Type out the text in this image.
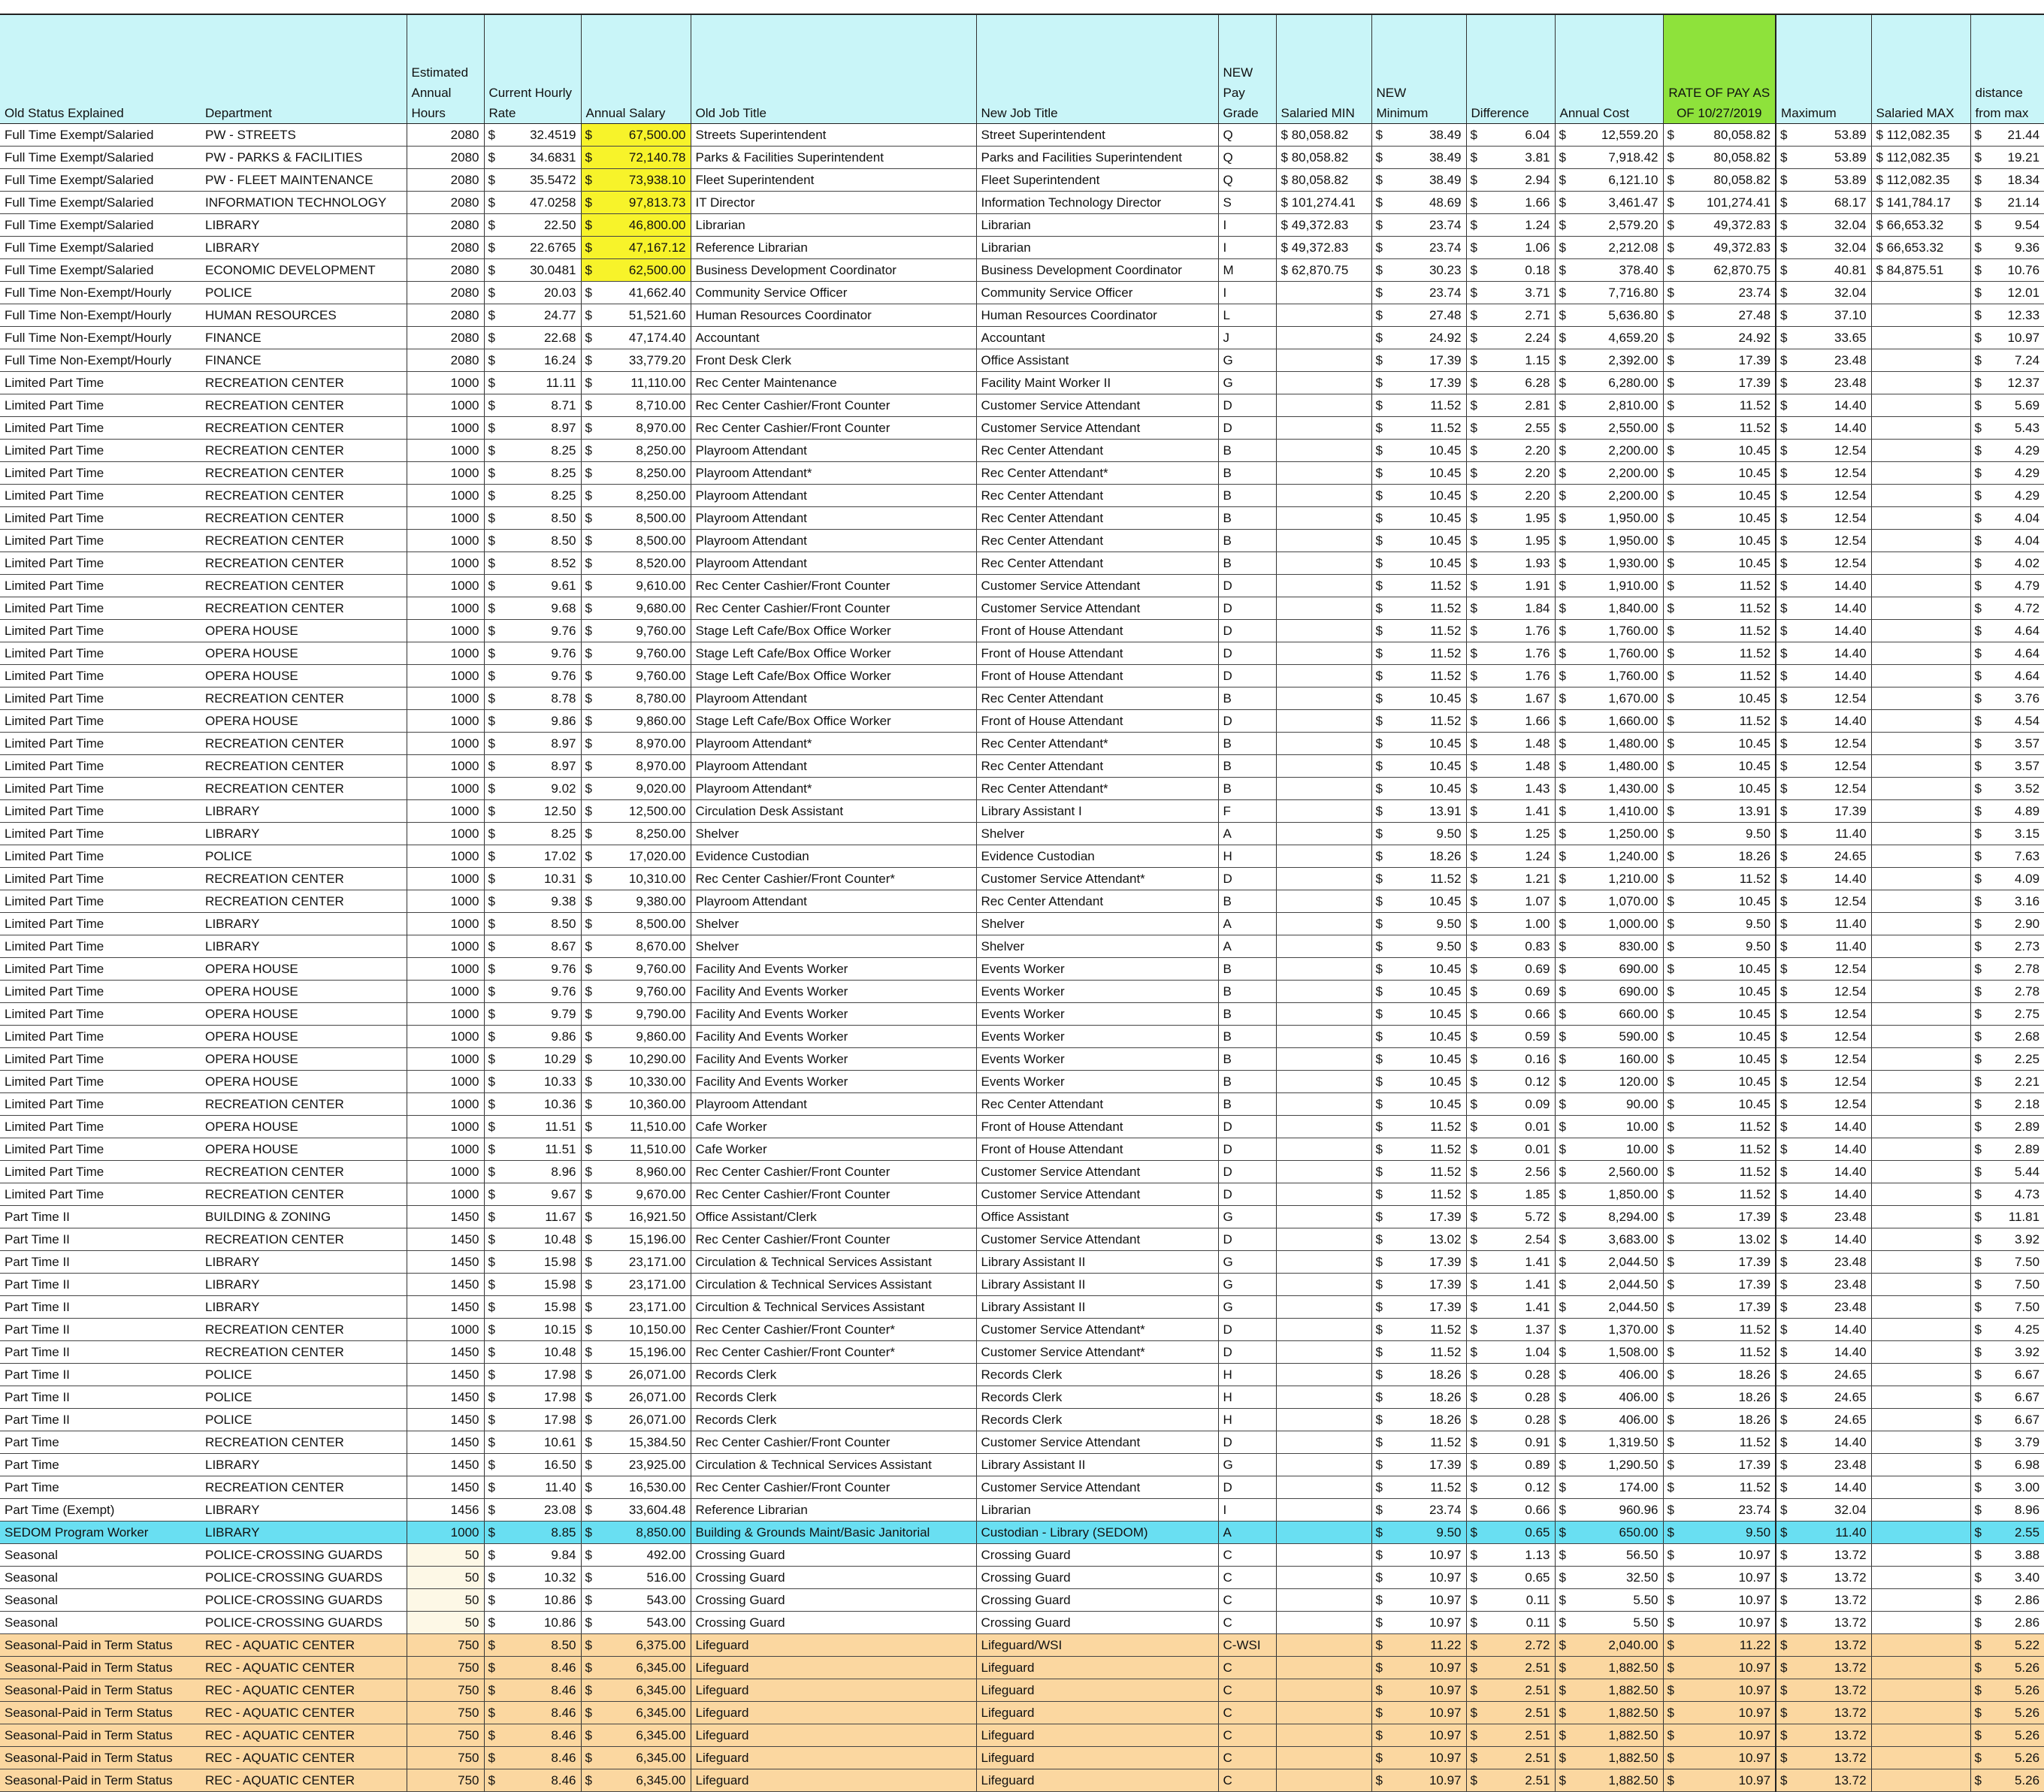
Old Status Explained	Department	Estimated Annual Hours	Current Hourly Rate		Annual Salary		Old Job Title	New Job Title	NEW Pay Grade	Salaried MIN	NEW Minimum		Difference		Annual Cost		RATE OF PAY AS OF 10/27/2019		Maximum		Salaried MAX	distance from max	
Full Time Exempt/Salaried	PW - STREETS	2080	$	32.4519	$	67,500.00	Streets Superintendent	Street Superintendent	Q	$ 80,058.82	$	38.49	$	6.04	$	12,559.20	$	80,058.82	$	53.89	$ 112,082.35	$	21.44
Full Time Exempt/Salaried	PW - PARKS & FACILITIES	2080	$	34.6831	$	72,140.78	Parks & Facilities Superintendent	Parks and Facilities Superintendent	Q	$ 80,058.82	$	38.49	$	3.81	$	7,918.42	$	80,058.82	$	53.89	$ 112,082.35	$	19.21
Full Time Exempt/Salaried	PW - FLEET MAINTENANCE	2080	$	35.5472	$	73,938.10	Fleet Superintendent	Fleet Superintendent	Q	$ 80,058.82	$	38.49	$	2.94	$	6,121.10	$	80,058.82	$	53.89	$ 112,082.35	$	18.34
Full Time Exempt/Salaried	INFORMATION TECHNOLOGY	2080	$	47.0258	$	97,813.73	IT Director	Information Technology Director	S	$ 101,274.41	$	48.69	$	1.66	$	3,461.47	$	101,274.41	$	68.17	$ 141,784.17	$	21.14
Full Time Exempt/Salaried	LIBRARY	2080	$	22.50	$	46,800.00	Librarian	Librarian	I	$ 49,372.83	$	23.74	$	1.24	$	2,579.20	$	49,372.83	$	32.04	$ 66,653.32	$	9.54
Full Time Exempt/Salaried	LIBRARY	2080	$	22.6765	$	47,167.12	Reference Librarian	Librarian	I	$ 49,372.83	$	23.74	$	1.06	$	2,212.08	$	49,372.83	$	32.04	$ 66,653.32	$	9.36
Full Time Exempt/Salaried	ECONOMIC DEVELOPMENT	2080	$	30.0481	$	62,500.00	Business Development Coordinator	Business Development Coordinator	M	$ 62,870.75	$	30.23	$	0.18	$	378.40	$	62,870.75	$	40.81	$ 84,875.51	$	10.76
Full Time Non-Exempt/Hourly	POLICE	2080	$	20.03	$	41,662.40	Community Service Officer	Community Service Officer	I		$	23.74	$	3.71	$	7,716.80	$	23.74	$	32.04		$	12.01
Full Time Non-Exempt/Hourly	HUMAN RESOURCES	2080	$	24.77	$	51,521.60	Human Resources Coordinator	Human Resources Coordinator	L		$	27.48	$	2.71	$	5,636.80	$	27.48	$	37.10		$	12.33
Full Time Non-Exempt/Hourly	FINANCE	2080	$	22.68	$	47,174.40	Accountant	Accountant	J		$	24.92	$	2.24	$	4,659.20	$	24.92	$	33.65		$	10.97
Full Time Non-Exempt/Hourly	FINANCE	2080	$	16.24	$	33,779.20	Front Desk Clerk	Office Assistant	G		$	17.39	$	1.15	$	2,392.00	$	17.39	$	23.48		$	7.24
Limited Part Time	RECREATION CENTER	1000	$	11.11	$	11,110.00	Rec Center Maintenance	Facility Maint Worker II	G		$	17.39	$	6.28	$	6,280.00	$	17.39	$	23.48		$	12.37
Limited Part Time	RECREATION CENTER	1000	$	8.71	$	8,710.00	Rec Center Cashier/Front Counter	Customer Service Attendant	D		$	11.52	$	2.81	$	2,810.00	$	11.52	$	14.40		$	5.69
Limited Part Time	RECREATION CENTER	1000	$	8.97	$	8,970.00	Rec Center Cashier/Front Counter	Customer Service Attendant	D		$	11.52	$	2.55	$	2,550.00	$	11.52	$	14.40		$	5.43
Limited Part Time	RECREATION CENTER	1000	$	8.25	$	8,250.00	Playroom Attendant	Rec Center Attendant	B		$	10.45	$	2.20	$	2,200.00	$	10.45	$	12.54		$	4.29
Limited Part Time	RECREATION CENTER	1000	$	8.25	$	8,250.00	Playroom Attendant*	Rec Center Attendant*	B		$	10.45	$	2.20	$	2,200.00	$	10.45	$	12.54		$	4.29
Limited Part Time	RECREATION CENTER	1000	$	8.25	$	8,250.00	Playroom Attendant	Rec Center Attendant	B		$	10.45	$	2.20	$	2,200.00	$	10.45	$	12.54		$	4.29
Limited Part Time	RECREATION CENTER	1000	$	8.50	$	8,500.00	Playroom Attendant	Rec Center Attendant	B		$	10.45	$	1.95	$	1,950.00	$	10.45	$	12.54		$	4.04
Limited Part Time	RECREATION CENTER	1000	$	8.50	$	8,500.00	Playroom Attendant	Rec Center Attendant	B		$	10.45	$	1.95	$	1,950.00	$	10.45	$	12.54		$	4.04
Limited Part Time	RECREATION CENTER	1000	$	8.52	$	8,520.00	Playroom Attendant	Rec Center Attendant	B		$	10.45	$	1.93	$	1,930.00	$	10.45	$	12.54		$	4.02
Limited Part Time	RECREATION CENTER	1000	$	9.61	$	9,610.00	Rec Center Cashier/Front Counter	Customer Service Attendant	D		$	11.52	$	1.91	$	1,910.00	$	11.52	$	14.40		$	4.79
Limited Part Time	RECREATION CENTER	1000	$	9.68	$	9,680.00	Rec Center Cashier/Front Counter	Customer Service Attendant	D		$	11.52	$	1.84	$	1,840.00	$	11.52	$	14.40		$	4.72
Limited Part Time	OPERA HOUSE	1000	$	9.76	$	9,760.00	Stage Left Cafe/Box Office Worker	Front of House Attendant	D		$	11.52	$	1.76	$	1,760.00	$	11.52	$	14.40		$	4.64
Limited Part Time	OPERA HOUSE	1000	$	9.76	$	9,760.00	Stage Left Cafe/Box Office Worker	Front of House Attendant	D		$	11.52	$	1.76	$	1,760.00	$	11.52	$	14.40		$	4.64
Limited Part Time	OPERA HOUSE	1000	$	9.76	$	9,760.00	Stage Left Cafe/Box Office Worker	Front of House Attendant	D		$	11.52	$	1.76	$	1,760.00	$	11.52	$	14.40		$	4.64
Limited Part Time	RECREATION CENTER	1000	$	8.78	$	8,780.00	Playroom Attendant	Rec Center Attendant	B		$	10.45	$	1.67	$	1,670.00	$	10.45	$	12.54		$	3.76
Limited Part Time	OPERA HOUSE	1000	$	9.86	$	9,860.00	Stage Left Cafe/Box Office Worker	Front of House Attendant	D		$	11.52	$	1.66	$	1,660.00	$	11.52	$	14.40		$	4.54
Limited Part Time	RECREATION CENTER	1000	$	8.97	$	8,970.00	Playroom Attendant*	Rec Center Attendant*	B		$	10.45	$	1.48	$	1,480.00	$	10.45	$	12.54		$	3.57
Limited Part Time	RECREATION CENTER	1000	$	8.97	$	8,970.00	Playroom Attendant	Rec Center Attendant	B		$	10.45	$	1.48	$	1,480.00	$	10.45	$	12.54		$	3.57
Limited Part Time	RECREATION CENTER	1000	$	9.02	$	9,020.00	Playroom Attendant*	Rec Center Attendant*	B		$	10.45	$	1.43	$	1,430.00	$	10.45	$	12.54		$	3.52
Limited Part Time	LIBRARY	1000	$	12.50	$	12,500.00	Circulation Desk Assistant	Library Assistant I	F		$	13.91	$	1.41	$	1,410.00	$	13.91	$	17.39		$	4.89
Limited Part Time	LIBRARY	1000	$	8.25	$	8,250.00	Shelver	Shelver	A		$	9.50	$	1.25	$	1,250.00	$	9.50	$	11.40		$	3.15
Limited Part Time	POLICE	1000	$	17.02	$	17,020.00	Evidence Custodian	Evidence Custodian	H		$	18.26	$	1.24	$	1,240.00	$	18.26	$	24.65		$	7.63
Limited Part Time	RECREATION CENTER	1000	$	10.31	$	10,310.00	Rec Center Cashier/Front Counter*	Customer Service Attendant*	D		$	11.52	$	1.21	$	1,210.00	$	11.52	$	14.40		$	4.09
Limited Part Time	RECREATION CENTER	1000	$	9.38	$	9,380.00	Playroom Attendant	Rec Center Attendant	B		$	10.45	$	1.07	$	1,070.00	$	10.45	$	12.54		$	3.16
Limited Part Time	LIBRARY	1000	$	8.50	$	8,500.00	Shelver	Shelver	A		$	9.50	$	1.00	$	1,000.00	$	9.50	$	11.40		$	2.90
Limited Part Time	LIBRARY	1000	$	8.67	$	8,670.00	Shelver	Shelver	A		$	9.50	$	0.83	$	830.00	$	9.50	$	11.40		$	2.73
Limited Part Time	OPERA HOUSE	1000	$	9.76	$	9,760.00	Facility And Events Worker	Events Worker	B		$	10.45	$	0.69	$	690.00	$	10.45	$	12.54		$	2.78
Limited Part Time	OPERA HOUSE	1000	$	9.76	$	9,760.00	Facility And Events Worker	Events Worker	B		$	10.45	$	0.69	$	690.00	$	10.45	$	12.54		$	2.78
Limited Part Time	OPERA HOUSE	1000	$	9.79	$	9,790.00	Facility And Events Worker	Events Worker	B		$	10.45	$	0.66	$	660.00	$	10.45	$	12.54		$	2.75
Limited Part Time	OPERA HOUSE	1000	$	9.86	$	9,860.00	Facility And Events Worker	Events Worker	B		$	10.45	$	0.59	$	590.00	$	10.45	$	12.54		$	2.68
Limited Part Time	OPERA HOUSE	1000	$	10.29	$	10,290.00	Facility And Events Worker	Events Worker	B		$	10.45	$	0.16	$	160.00	$	10.45	$	12.54		$	2.25
Limited Part Time	OPERA HOUSE	1000	$	10.33	$	10,330.00	Facility And Events Worker	Events Worker	B		$	10.45	$	0.12	$	120.00	$	10.45	$	12.54		$	2.21
Limited Part Time	RECREATION CENTER	1000	$	10.36	$	10,360.00	Playroom Attendant	Rec Center Attendant	B		$	10.45	$	0.09	$	90.00	$	10.45	$	12.54		$	2.18
Limited Part Time	OPERA HOUSE	1000	$	11.51	$	11,510.00	Cafe Worker	Front of House Attendant	D		$	11.52	$	0.01	$	10.00	$	11.52	$	14.40		$	2.89
Limited Part Time	OPERA HOUSE	1000	$	11.51	$	11,510.00	Cafe Worker	Front of House Attendant	D		$	11.52	$	0.01	$	10.00	$	11.52	$	14.40		$	2.89
Limited Part Time	RECREATION CENTER	1000	$	8.96	$	8,960.00	Rec Center Cashier/Front Counter	Customer Service Attendant	D		$	11.52	$	2.56	$	2,560.00	$	11.52	$	14.40		$	5.44
Limited Part Time	RECREATION CENTER	1000	$	9.67	$	9,670.00	Rec Center Cashier/Front Counter	Customer Service Attendant	D		$	11.52	$	1.85	$	1,850.00	$	11.52	$	14.40		$	4.73
Part Time II	BUILDING & ZONING	1450	$	11.67	$	16,921.50	Office Assistant/Clerk	Office Assistant	G		$	17.39	$	5.72	$	8,294.00	$	17.39	$	23.48		$	11.81
Part Time II	RECREATION CENTER	1450	$	10.48	$	15,196.00	Rec Center Cashier/Front Counter	Customer Service Attendant	D		$	13.02	$	2.54	$	3,683.00	$	13.02	$	14.40		$	3.92
Part Time II	LIBRARY	1450	$	15.98	$	23,171.00	Circulation & Technical Services Assistant	Library Assistant II	G		$	17.39	$	1.41	$	2,044.50	$	17.39	$	23.48		$	7.50
Part Time II	LIBRARY	1450	$	15.98	$	23,171.00	Circulation & Technical Services Assistant	Library Assistant II	G		$	17.39	$	1.41	$	2,044.50	$	17.39	$	23.48		$	7.50
Part Time II	LIBRARY	1450	$	15.98	$	23,171.00	Circultion & Technical Services Assistant	Library Assistant II	G		$	17.39	$	1.41	$	2,044.50	$	17.39	$	23.48		$	7.50
Part Time II	RECREATION CENTER	1000	$	10.15	$	10,150.00	Rec Center Cashier/Front Counter*	Customer Service Attendant*	D		$	11.52	$	1.37	$	1,370.00	$	11.52	$	14.40		$	4.25
Part Time II	RECREATION CENTER	1450	$	10.48	$	15,196.00	Rec Center Cashier/Front Counter*	Customer Service Attendant*	D		$	11.52	$	1.04	$	1,508.00	$	11.52	$	14.40		$	3.92
Part Time II	POLICE	1450	$	17.98	$	26,071.00	Records Clerk	Records Clerk	H		$	18.26	$	0.28	$	406.00	$	18.26	$	24.65		$	6.67
Part Time II	POLICE	1450	$	17.98	$	26,071.00	Records Clerk	Records Clerk	H		$	18.26	$	0.28	$	406.00	$	18.26	$	24.65		$	6.67
Part Time II	POLICE	1450	$	17.98	$	26,071.00	Records Clerk	Records Clerk	H		$	18.26	$	0.28	$	406.00	$	18.26	$	24.65		$	6.67
Part Time	RECREATION CENTER	1450	$	10.61	$	15,384.50	Rec Center Cashier/Front Counter	Customer Service Attendant	D		$	11.52	$	0.91	$	1,319.50	$	11.52	$	14.40		$	3.79
Part Time	LIBRARY	1450	$	16.50	$	23,925.00	Circulation & Technical Services Assistant	Library Assistant II	G		$	17.39	$	0.89	$	1,290.50	$	17.39	$	23.48		$	6.98
Part Time	RECREATION CENTER	1450	$	11.40	$	16,530.00	Rec Center Cashier/Front Counter	Customer Service Attendant	D		$	11.52	$	0.12	$	174.00	$	11.52	$	14.40		$	3.00
Part Time (Exempt)	LIBRARY	1456	$	23.08	$	33,604.48	Reference Librarian	Librarian	I		$	23.74	$	0.66	$	960.96	$	23.74	$	32.04		$	8.96
SEDOM Program Worker	LIBRARY	1000	$	8.85	$	8,850.00	Building & Grounds Maint/Basic Janitorial	Custodian - Library (SEDOM)	A		$	9.50	$	0.65	$	650.00	$	9.50	$	11.40		$	2.55
Seasonal	POLICE-CROSSING GUARDS	50	$	9.84	$	492.00	Crossing Guard	Crossing Guard	C		$	10.97	$	1.13	$	56.50	$	10.97	$	13.72		$	3.88
Seasonal	POLICE-CROSSING GUARDS	50	$	10.32	$	516.00	Crossing Guard	Crossing Guard	C		$	10.97	$	0.65	$	32.50	$	10.97	$	13.72		$	3.40
Seasonal	POLICE-CROSSING GUARDS	50	$	10.86	$	543.00	Crossing Guard	Crossing Guard	C		$	10.97	$	0.11	$	5.50	$	10.97	$	13.72		$	2.86
Seasonal	POLICE-CROSSING GUARDS	50	$	10.86	$	543.00	Crossing Guard	Crossing Guard	C		$	10.97	$	0.11	$	5.50	$	10.97	$	13.72		$	2.86
Seasonal-Paid in Term Status	REC - AQUATIC CENTER	750	$	8.50	$	6,375.00	Lifeguard	Lifeguard/WSI	C-WSI		$	11.22	$	2.72	$	2,040.00	$	11.22	$	13.72		$	5.22
Seasonal-Paid in Term Status	REC - AQUATIC CENTER	750	$	8.46	$	6,345.00	Lifeguard	Lifeguard	C		$	10.97	$	2.51	$	1,882.50	$	10.97	$	13.72		$	5.26
Seasonal-Paid in Term Status	REC - AQUATIC CENTER	750	$	8.46	$	6,345.00	Lifeguard	Lifeguard	C		$	10.97	$	2.51	$	1,882.50	$	10.97	$	13.72		$	5.26
Seasonal-Paid in Term Status	REC - AQUATIC CENTER	750	$	8.46	$	6,345.00	Lifeguard	Lifeguard	C		$	10.97	$	2.51	$	1,882.50	$	10.97	$	13.72		$	5.26
Seasonal-Paid in Term Status	REC - AQUATIC CENTER	750	$	8.46	$	6,345.00	Lifeguard	Lifeguard	C		$	10.97	$	2.51	$	1,882.50	$	10.97	$	13.72		$	5.26
Seasonal-Paid in Term Status	REC - AQUATIC CENTER	750	$	8.46	$	6,345.00	Lifeguard	Lifeguard	C		$	10.97	$	2.51	$	1,882.50	$	10.97	$	13.72		$	5.26
Seasonal-Paid in Term Status	REC - AQUATIC CENTER	750	$	8.46	$	6,345.00	Lifeguard	Lifeguard	C		$	10.97	$	2.51	$	1,882.50	$	10.97	$	13.72		$	5.26
